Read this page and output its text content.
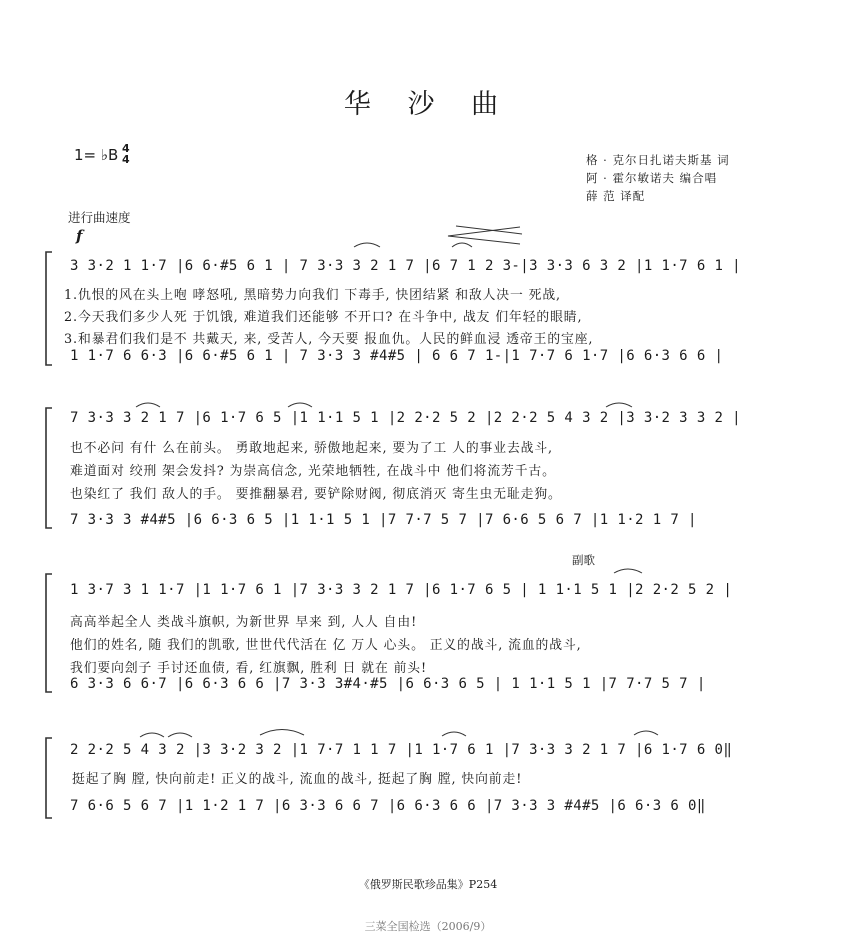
华 沙 曲
1= ♭B 4
4	格 · 克尔日扎诺夫斯基 词
阿 · 霍尔敏诺夫 编合唱
薛 范 译配
进行曲速度
f
3 3·2 1 1·7 |6 6·#5 6 1 | 7 3·3 3 2 1 7 |6 7 1 2 3-|3 3·3 6 3 2 |1 1·7 6 1 |
1.仇恨的风在头上咆 哮怒吼, 黑暗势力向我们 下毒手, 快团结紧 和敌人决一 死战,
2.今天我们多少人死 于饥饿, 难道我们还能够 不开口? 在斗争中, 战友 们年轻的眼睛,
3.和暴君们我们是不 共戴天, 来, 受苦人, 今天要 报血仇。人民的鲜血浸 透帝王的宝座,
1 1·7 6 6·3 |6 6·#5 6 1 | 7 3·3 3 #4#5 | 6 6 7 1-|1 7·7 6 1·7 |6 6·3 6 6 |
7 3·3 3 2 1 7 |6 1·7 6 5 |1 1·1 5 1 |2 2·2 5 2 |2 2·2 5 4 3 2 |3 3·2 3 3 2 |
也不必问 有什 么在前头。 勇敢地起来, 骄傲地起来, 要为了工 人的事业去战斗,
难道面对 绞刑 架会发抖? 为崇高信念, 光荣地牺牲, 在战斗中 他们将流芳千古。
也染红了 我们 敌人的手。 要推翻暴君, 要铲除财阀, 彻底消灭 寄生虫无耻走狗。
7 3·3 3 #4#5 |6 6·3 6 5 |1 1·1 5 1 |7 7·7 5 7 |7 6·6 5 6 7 |1 1·2 1 7 |
副歌
1 3·7 3 1 1·7 |1 1·7 6 1 |7 3·3 3 2 1 7 |6 1·7 6 5 | 1 1·1 5 1 |2 2·2 5 2 |
高高举起全人 类战斗旗帜, 为新世界 早来 到, 人人 自由!
他们的姓名, 随 我们的凯歌, 世世代代活在 亿 万人 心头。 正义的战斗, 流血的战斗,
我们要向刽子 手讨还血债, 看, 红旗飘, 胜利 日 就在 前头!
6 3·3 6 6·7 |6 6·3 6 6 |7 3·3 3#4·#5 |6 6·3 6 5 | 1 1·1 5 1 |7 7·7 5 7 |
2 2·2 5 4 3 2 |3 3·2 3 2 |1 7·7 1 1 7 |1 1·7 6 1 |7 3·3 3 2 1 7 |6 1·7 6 0‖
挺起了胸 膛, 快向前走! 正义的战斗, 流血的战斗, 挺起了胸 膛, 快向前走!
7 6·6 5 6 7 |1 1·2 1 7 |6 3·3 6 6 7 |6 6·3 6 6 |7 3·3 3 #4#5 |6 6·3 6 0‖
《俄罗斯民歌珍品集》P254
三菜全国检选（2006/9）
